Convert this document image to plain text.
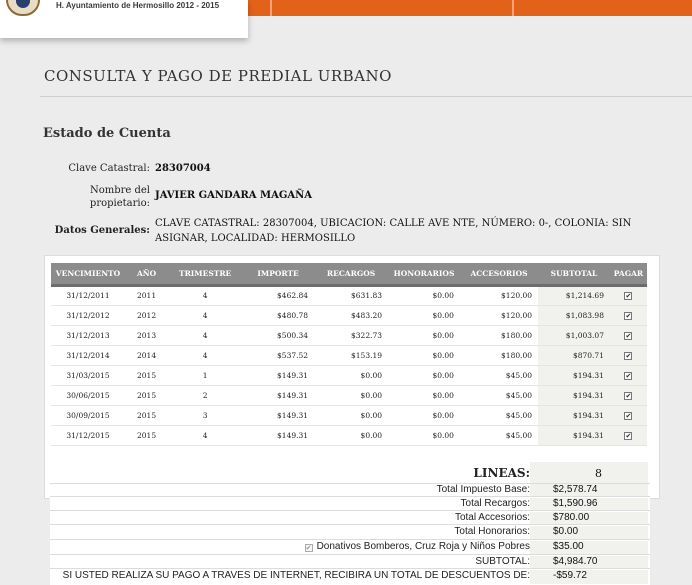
H. Ayuntamiento de Hermosillo 2012 - 2015
CONSULTA Y PAGO DE PREDIAL URBANO
Estado de Cuenta
Clave Catastral: 28307004
Nombre del
propietario:
JAVIER GANDARA MAGAÑA
Datos Generales:
CLAVE CATASTRAL: 28307004, UBICACION: CALLE AVE NTE, NÚMERO: 0-, COLONIA: SIN ASIGNAR, LOCALIDAD: HERMOSILLO
VENCIMIENTO	AÑO	TRIMESTRE	IMPORTE	RECARGOS	HONORARIOS	ACCESORIOS	SUBTOTAL	PAGAR
31/12/2011	2011	4	$462.84	$631.83	$0.00	$120.00	$1,214.69	✔
31/12/2012	2012	4	$480.78	$483.20	$0.00	$120.00	$1,083.98	✔
31/12/2013	2013	4	$500.34	$322.73	$0.00	$180.00	$1,003.07	✔
31/12/2014	2014	4	$537.52	$153.19	$0.00	$180.00	$870.71	✔
31/03/2015	2015	1	$149.31	$0.00	$0.00	$45.00	$194.31	✔
30/06/2015	2015	2	$149.31	$0.00	$0.00	$45.00	$194.31	✔
30/09/2015	2015	3	$149.31	$0.00	$0.00	$45.00	$194.31	✔
31/12/2015	2015	4	$149.31	$0.00	$0.00	$45.00	$194.31	✔
LINEAS:	8
Total Impuesto Base: $2,578.74
Total Recargos: $1,590.96
Total Accesorios: $780.00
Total Honorarios: $0.00
✔ Donativos Bomberos, Cruz Roja y Niños Pobres $35.00
SUBTOTAL: $4,984.70
SI USTED REALIZA SU PAGO A TRAVES DE INTERNET, RECIBIRA UN TOTAL DE DESCUENTOS DE: -$59.72
